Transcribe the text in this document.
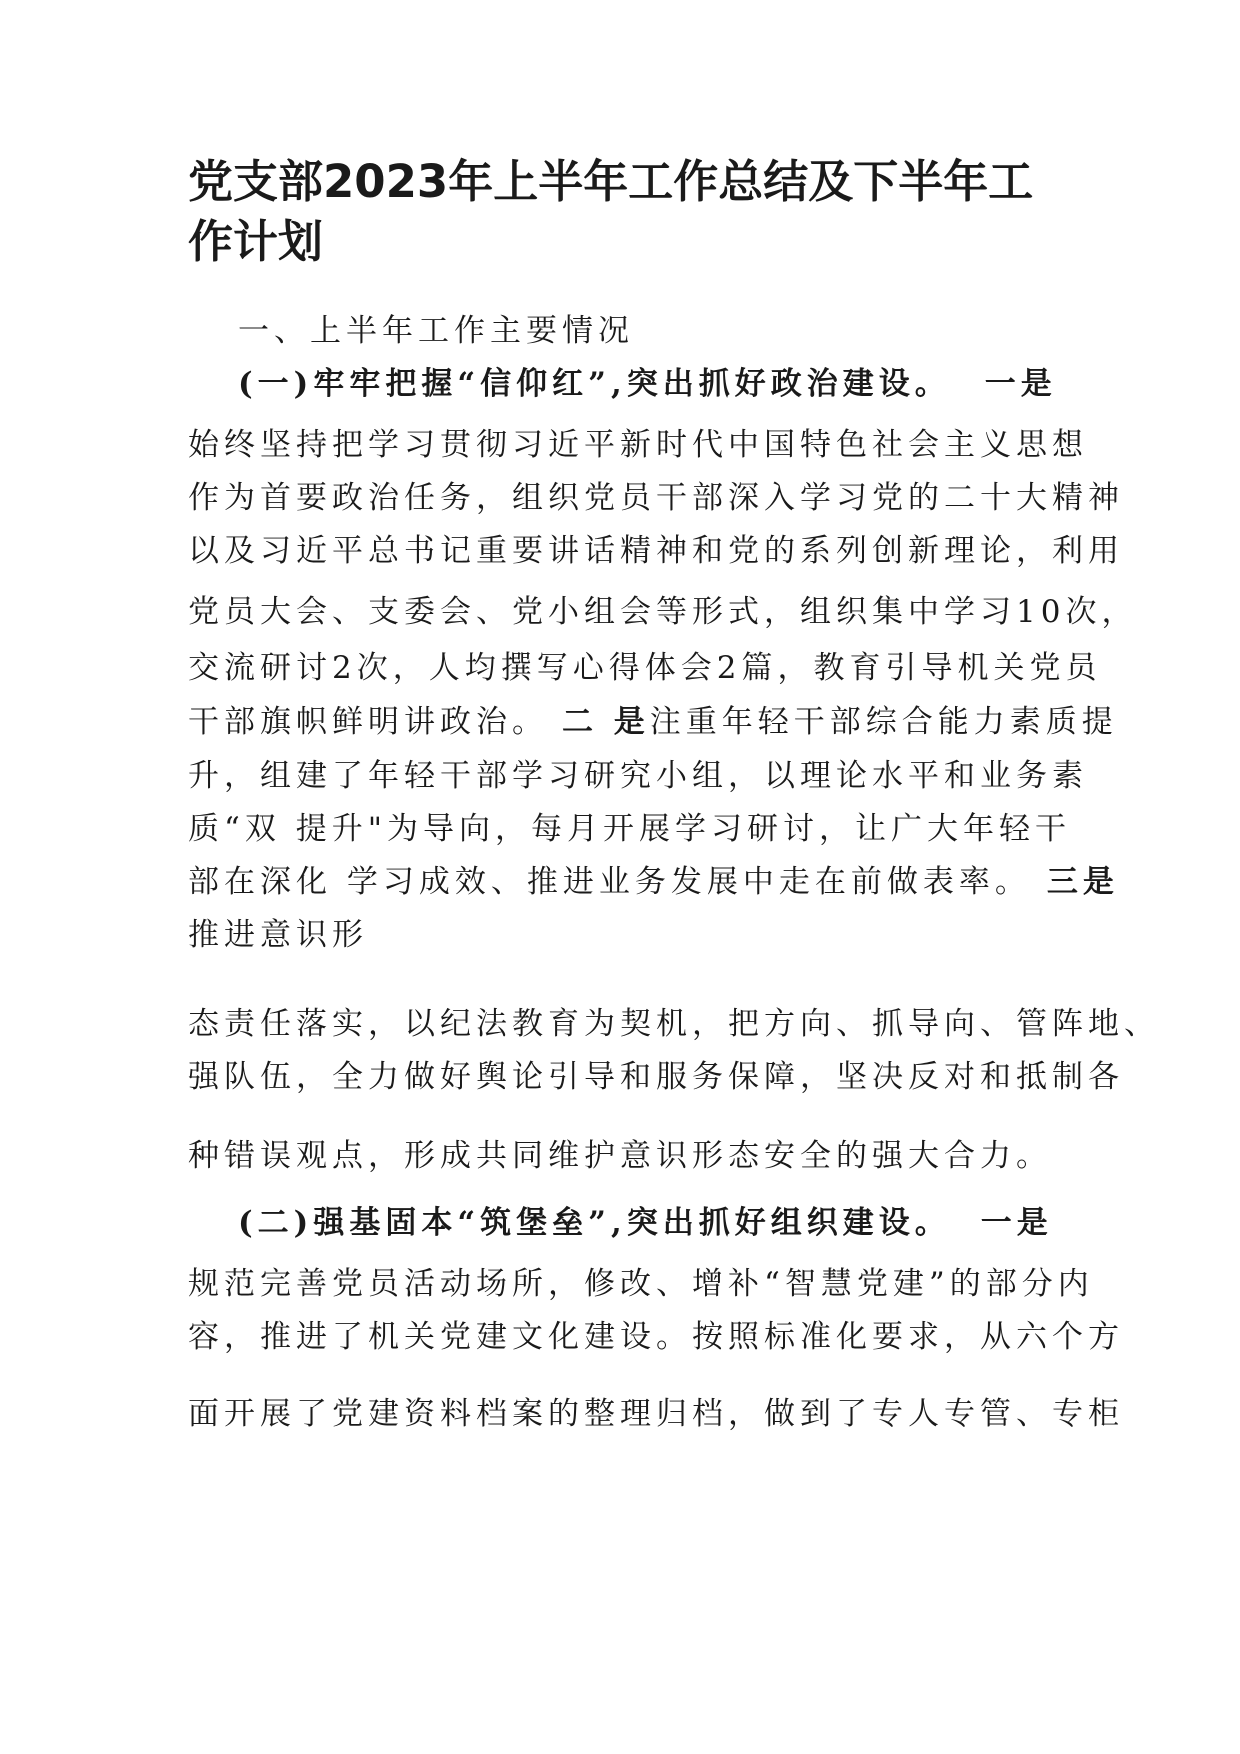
党支部2023年上半年工作总结及下半年工
作计划
一、上半年工作主要情况
(一)牢牢把握“信仰红”,突出抓好政治建设。 一是
始终坚持把学习贯彻习近平新时代中国特色社会主义思想
作为首要政治任务，组织党员干部深入学习党的二十大精神
以及习近平总书记重要讲话精神和党的系列创新理论，利用
党员大会、支委会、党小组会等形式，组织集中学习10次，
交流研讨2次，人均撰写心得体会2篇，教育引导机关党员
干部旗帜鲜明讲政治。 二 是注重年轻干部综合能力素质提
升，组建了年轻干部学习研究小组，以理论水平和业务素
质“双 提升"为导向，每月开展学习研讨，让广大年轻干
部在深化 学习成效、推进业务发展中走在前做表率。 三是
推进意识形
态责任落实，以纪法教育为契机，把方向、抓导向、管阵地、
强队伍，全力做好舆论引导和服务保障，坚决反对和抵制各
种错误观点，形成共同维护意识形态安全的强大合力。
(二)强基固本“筑堡垒”,突出抓好组织建设。 一是
规范完善党员活动场所，修改、增补“智慧党建”的部分内
容，推进了机关党建文化建设。按照标准化要求，从六个方
面开展了党建资料档案的整理归档，做到了专人专管、专柜
